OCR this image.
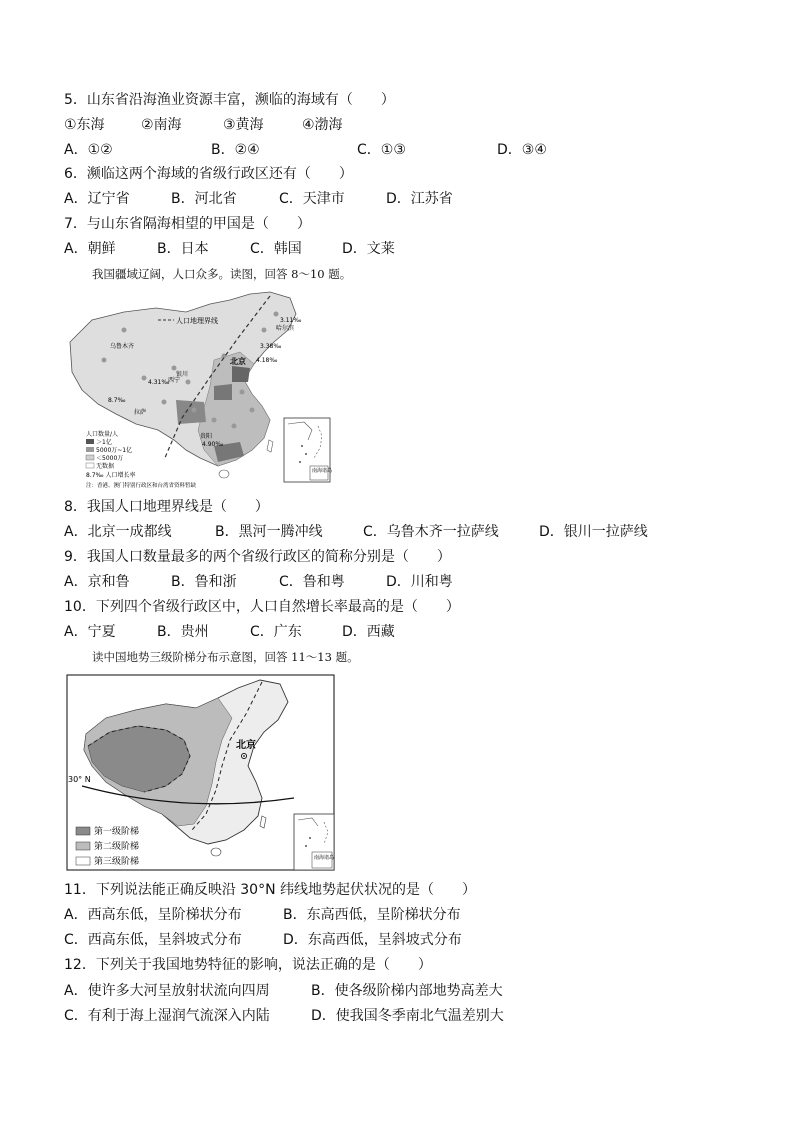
5．山东省沿海渔业资源丰富，濒临的海域有（　　）
①东海	②南海	③黄海	④渤海
A．①②	B．②④	C．①③	D．③④
6．濒临这两个海域的省级行政区还有（　　）
A．辽宁省	B．河北省	C．天津市	D．江苏省
7．与山东省隔海相望的甲国是（　　）
A．朝鲜	B．日本	C．韩国	D．文莱
我国疆域辽阔，人口众多。读图，回答 8～10 题。
人口地理界线
乌鲁木齐
哈尔滨
北京
银川
西宁
拉萨
贵阳
3.11‰
4.18‰
3.38‰
4.31‰
8.7‰
4.90‰
人口数量/人
＞1亿
5000万~1亿
＜5000万
无数据
8.7‰ 人口增长率
注：香港、澳门特别行政区和台湾省资料暂缺
南海诸岛
8．我国人口地理界线是（　　）
A．北京一成都线	B．黑河一腾冲线	C．乌鲁木齐一拉萨线	D．银川一拉萨线
9．我国人口数量最多的两个省级行政区的简称分别是（　　）
A．京和鲁	B．鲁和浙	C．鲁和粤	D．川和粤
10．下列四个省级行政区中，人口自然增长率最高的是（　　）
A．宁夏	B．贵州	C．广东	D．西藏
读中国地势三级阶梯分布示意图，回答 11～13 题。
30° N
北京
第一级阶梯
第二级阶梯
第三级阶梯	南海诸岛
11．下列说法能正确反映沿 30°N 纬线地势起伏状况的是（　　）
A．西高东低，呈阶梯状分布	B．东高西低，呈阶梯状分布
C．西高东低，呈斜坡式分布	D．东高西低，呈斜坡式分布
12．下列关于我国地势特征的影响，说法正确的是（　　）
A．使许多大河呈放射状流向四周	B．使各级阶梯内部地势高差大
C．有利于海上湿润气流深入内陆	D．使我国冬季南北气温差别大
